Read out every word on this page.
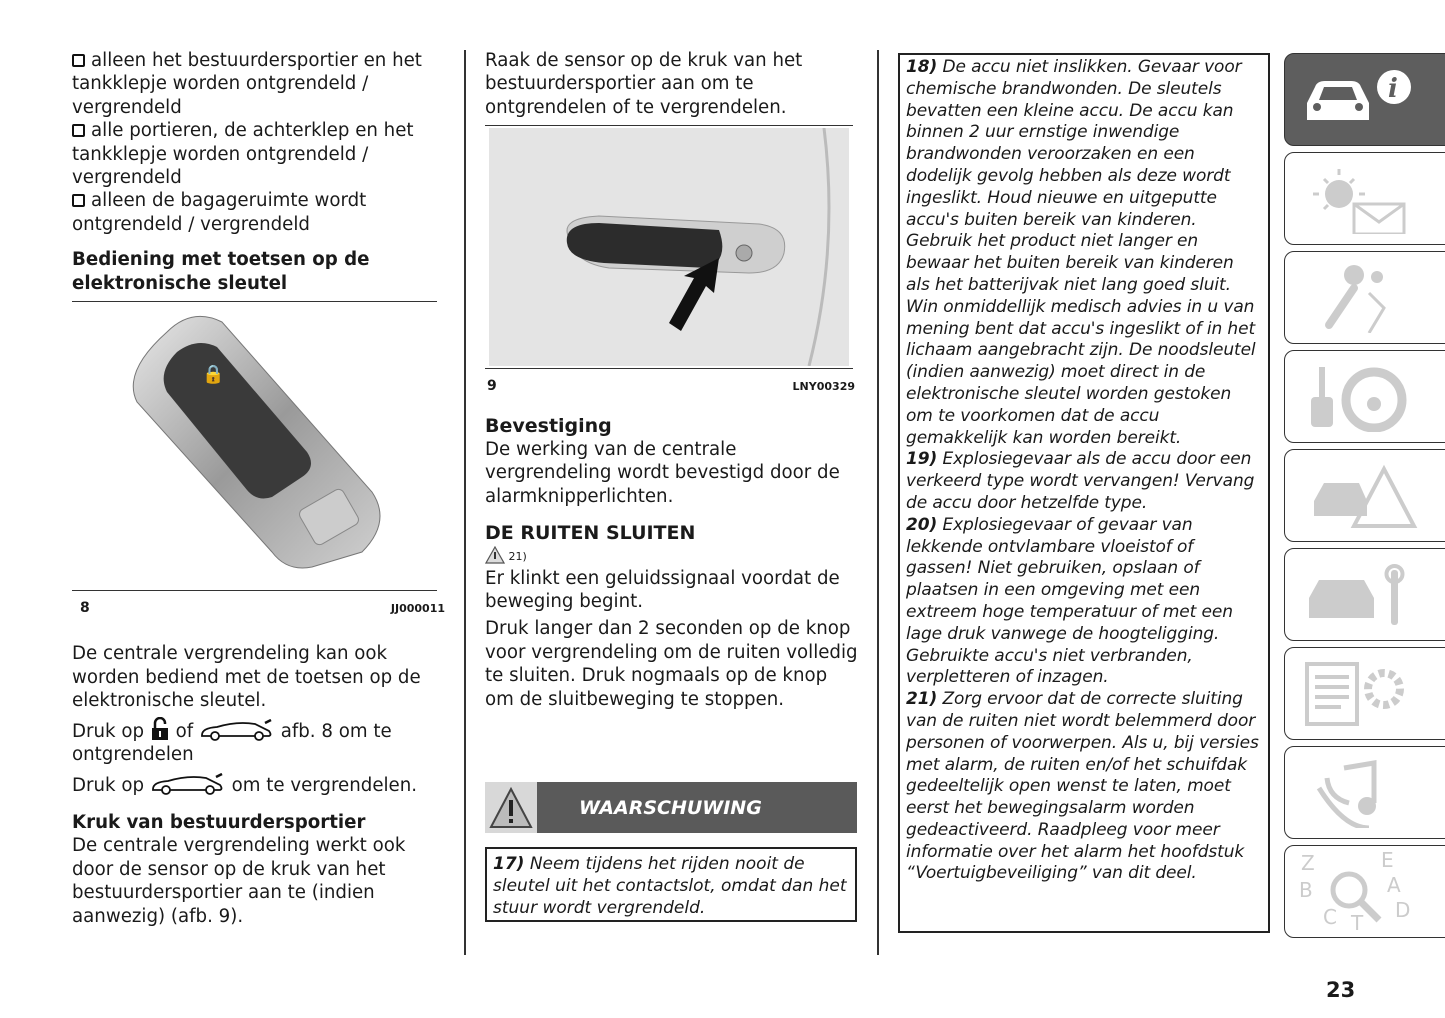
alleen het bestuurdersportier en het tankklepje worden ontgrendeld / vergrendeld

alle portieren, de achterklep en het tankklepje worden ontgrendeld / vergrendeld

alleen de bagageruimte wordt ontgrendeld / vergrendeld

Bediening met toetsen op de elektronische sleutel

🔒
8	JJ000011

De centrale vergrendeling kan ook worden bediend met de toetsen op de elektronische sleutel.

Druk op of	afb. 8 om te ontgrendelen

Druk op	om te vergrendelen.

Kruk van bestuurdersportier

De centrale vergrendeling werkt ook door de sensor op de kruk van het bestuurdersportier aan te (indien aanwezig) (afb. 9).

Raak de sensor op de kruk van het bestuurdersportier aan om te ontgrendelen of te vergrendelen.

9	LNY00329

Bevestiging

De werking van de centrale vergrendeling wordt bevestigd door de alarmknipperlichten.

DE RUITEN SLUITEN

21)

Er klinkt een geluidssignaal voordat de beweging begint.

Druk langer dan 2 seconden op de knop voor vergrendeling om de ruiten volledig te sluiten. Druk nogmaals op de knop om de sluitbeweging te stoppen.

WAARSCHUWING
17) Neem tijdens het rijden nooit de sleutel uit het contactslot, omdat dan het stuur wordt vergrendeld.

18) De accu niet inslikken. Gevaar voor chemische brandwonden. De sleutels bevatten een kleine accu. De accu kan binnen 2 uur ernstige inwendige brandwonden veroorzaken en een dodelijk gevolg hebben als deze wordt ingeslikt. Houd nieuwe en uitgeputte accu's buiten bereik van kinderen. Gebruik het product niet langer en bewaar het buiten bereik van kinderen als het batterijvak niet lang goed sluit. Win onmiddellijk medisch advies in u van mening bent dat accu's ingeslikt of in het lichaam aangebracht zijn. De noodsleutel (indien aanwezig) moet direct in de elektronische sleutel worden gestoken om te voorkomen dat de accu gemakkelijk kan worden bereikt.

19) Explosiegevaar als de accu door een verkeerd type wordt vervangen! Vervang de accu door hetzelfde type.

20) Explosiegevaar of gevaar van lekkende ontvlambare vloeistof of gassen! Niet gebruiken, opslaan of plaatsen in een omgeving met een extreem hoge temperatuur of met een lage druk vanwege de hoogteligging. Gebruikte accu's niet verbranden, verpletteren of inzagen.

21) Zorg ervoor dat de correcte sluiting van de ruiten niet wordt belemmerd door personen of voorwerpen. Als u, bij versies met alarm, de ruiten en/of het schuifdak gedeeltelijk open wenst te laten, moet eerst het bewegingsalarm worden gedeactiveerd. Raadpleeg voor meer informatie over het alarm het hoofdstuk “Voertuigbeveiliging” van dit deel.

i
Z	E
B	A
C T
D
23
